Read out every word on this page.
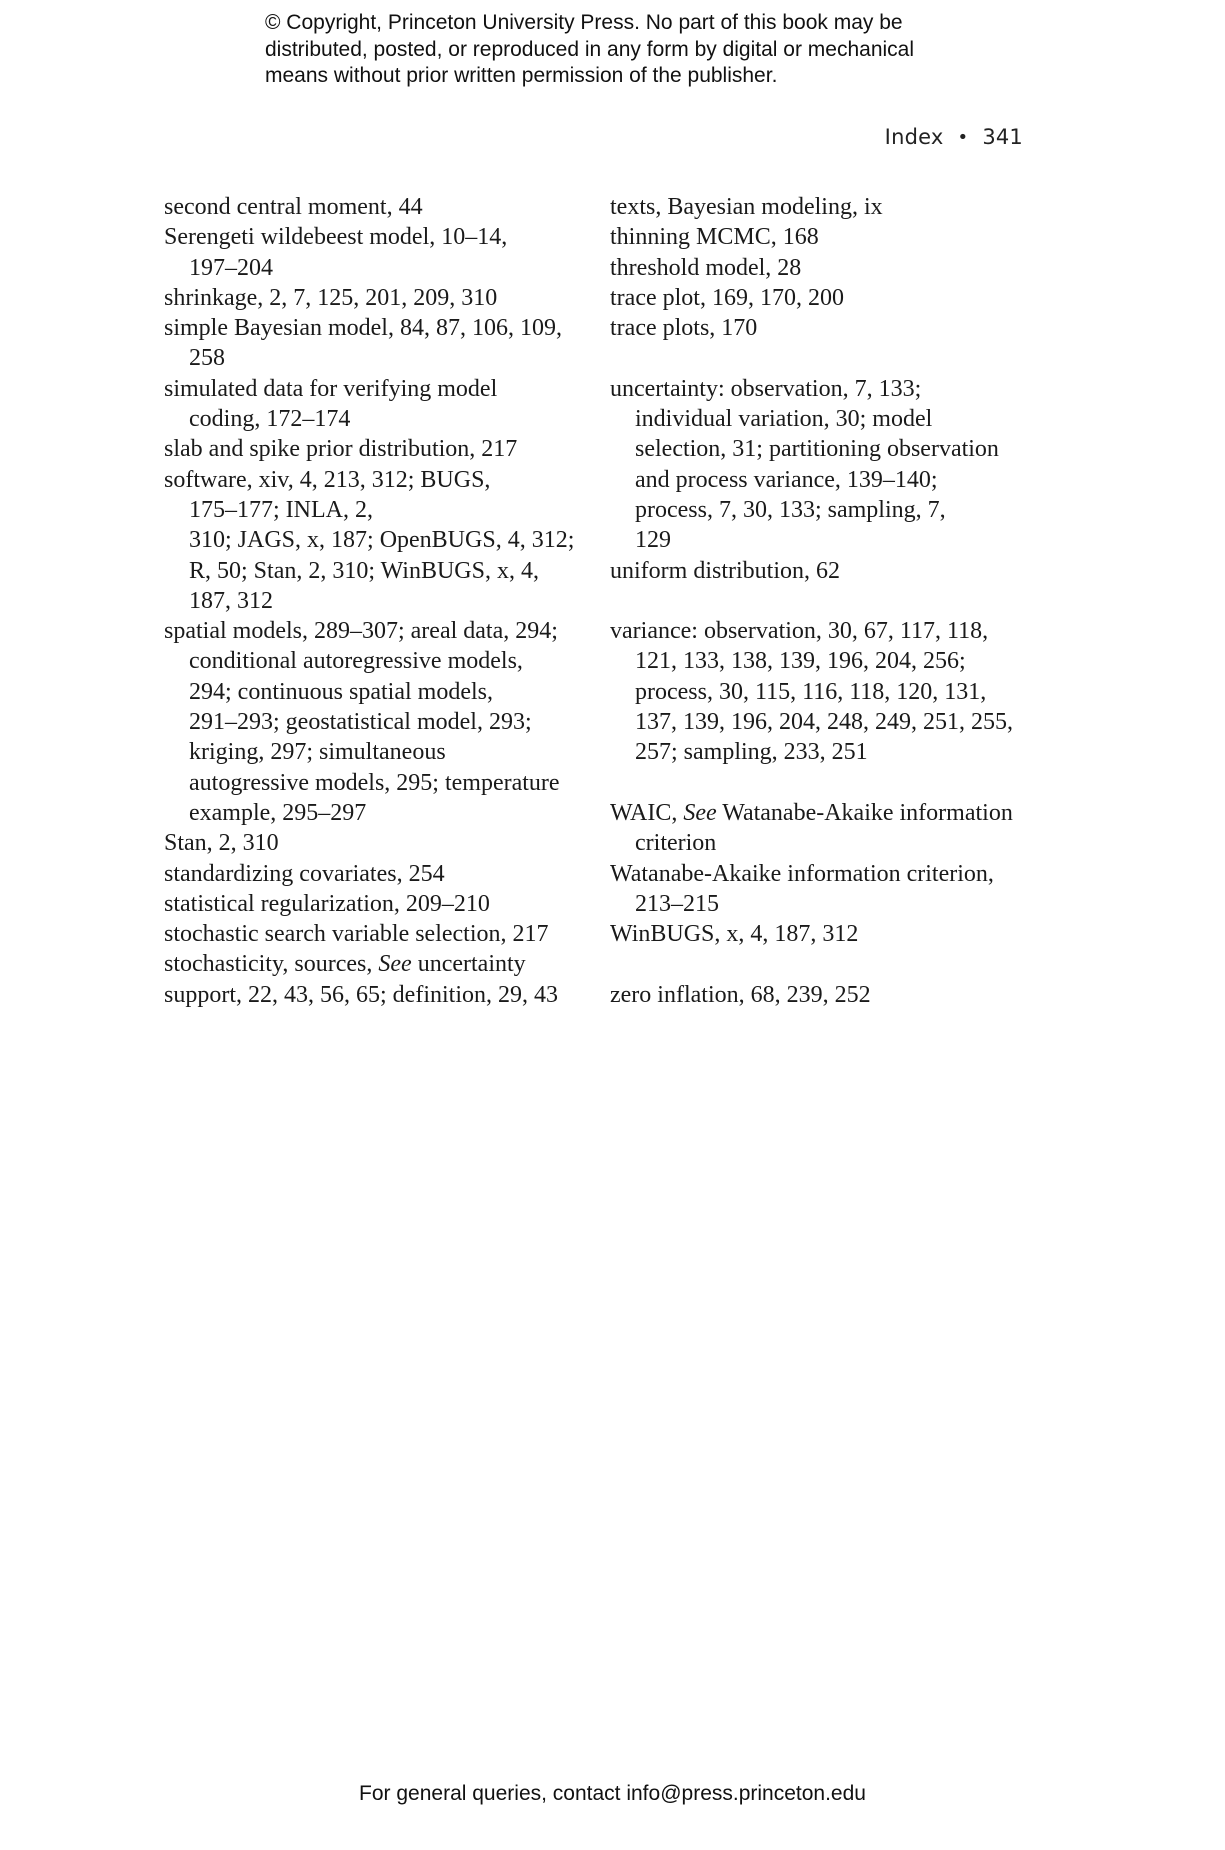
© Copyright, Princeton University Press. No part of this book may be
distributed, posted, or reproduced in any form by digital or mechanical
means without prior written permission of the publisher.
Index • 341
second central moment, 44
Serengeti wildebeest model, 10–14,
197–204
shrinkage, 2, 7, 125, 201, 209, 310
simple Bayesian model, 84, 87, 106, 109,
258
simulated data for verifying model
coding, 172–174
slab and spike prior distribution, 217
software, xiv, 4, 213, 312; BUGS,
175–177; INLA, 2,
310; JAGS, x, 187; OpenBUGS, 4, 312;
R, 50; Stan, 2, 310; WinBUGS, x, 4,
187, 312
spatial models, 289–307; areal data, 294;
conditional autoregressive models,
294; continuous spatial models,
291–293; geostatistical model, 293;
kriging, 297; simultaneous
autogressive models, 295; temperature
example, 295–297
Stan, 2, 310
standardizing covariates, 254
statistical regularization, 209–210
stochastic search variable selection, 217
stochasticity, sources, See uncertainty
support, 22, 43, 56, 65; definition, 29, 43
texts, Bayesian modeling, ix
thinning MCMC, 168
threshold model, 28
trace plot, 169, 170, 200
trace plots, 170
uncertainty: observation, 7, 133;
individual variation, 30; model
selection, 31; partitioning observation
and process variance, 139–140;
process, 7, 30, 133; sampling, 7,
129
uniform distribution, 62
variance: observation, 30, 67, 117, 118,
121, 133, 138, 139, 196, 204, 256;
process, 30, 115, 116, 118, 120, 131,
137, 139, 196, 204, 248, 249, 251, 255,
257; sampling, 233, 251
WAIC, See Watanabe-Akaike information
criterion
Watanabe-Akaike information criterion,
213–215
WinBUGS, x, 4, 187, 312
zero inflation, 68, 239, 252
For general queries, contact info@press.princeton.edu
